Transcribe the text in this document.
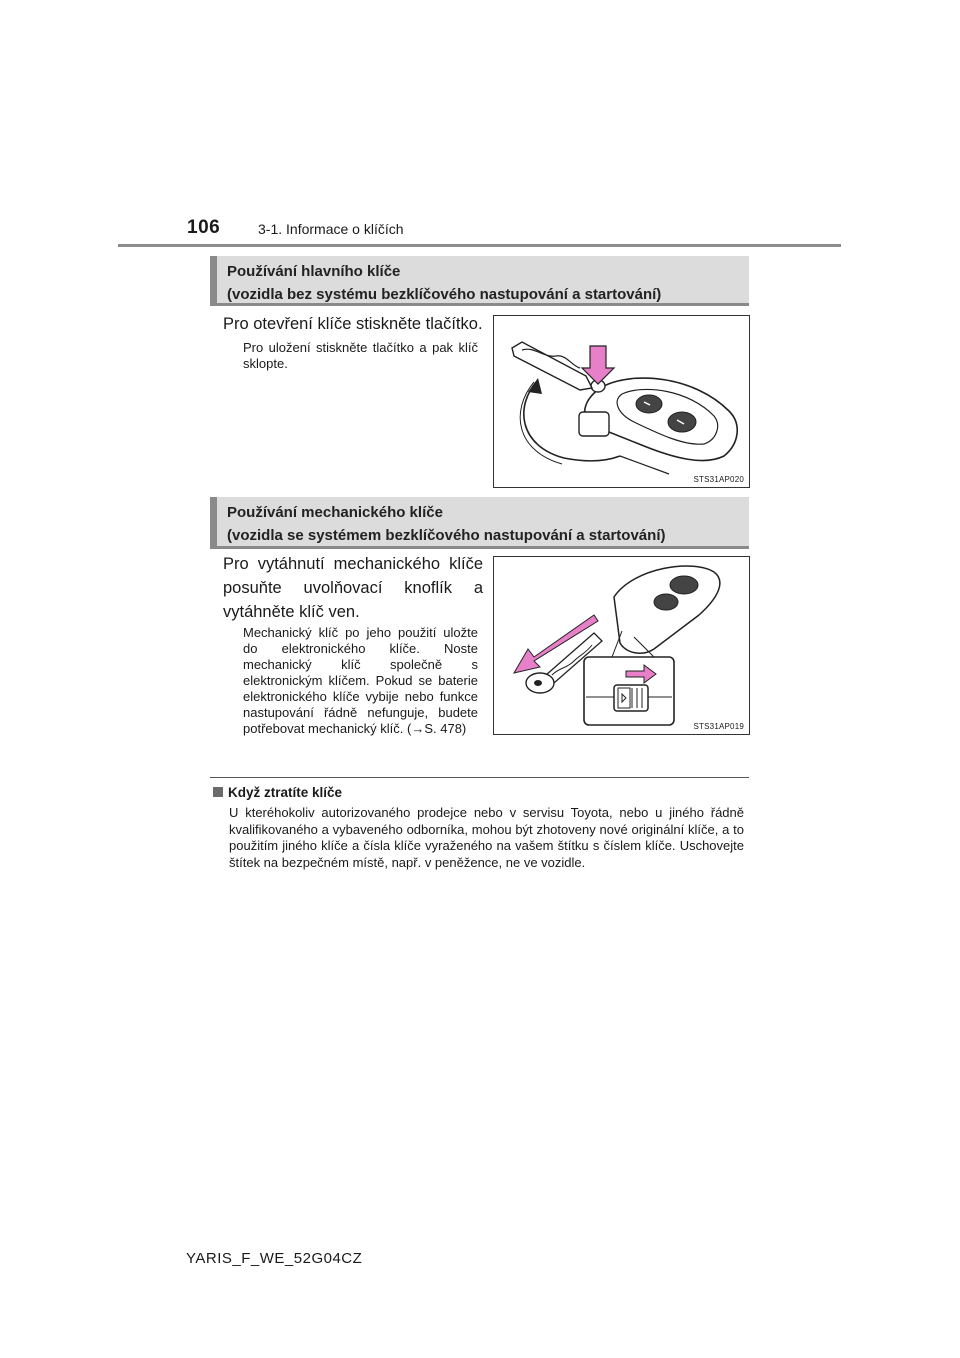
106	3-1. Informace o klíčích
Používání hlavního klíče
(vozidla bez systému bezklíčového nastupování a startování)
Pro otevření klíče stiskněte tlačítko.
Pro uložení stiskněte tlačítko a pak klíč sklopte.
STS31AP020
Používání mechanického klíče
(vozidla se systémem bezklíčového nastupování a startování)
Pro vytáhnutí mechanického klíče posuňte uvolňovací knoflík a vytáhněte klíč ven.
Mechanický klíč po jeho použití uložte do elektronického klíče. Noste mechanický klíč společně s elektronickým klíčem. Pokud se baterie elektronického klíče vybije nebo funkce nastupování řádně nefunguje, budete potřebovat mechanický klíč. (→S. 478)	STS31AP019
Když ztratíte klíče
U kteréhokoliv autorizovaného prodejce nebo v servisu Toyota, nebo u jiného řádně kvalifikovaného a vybaveného odborníka, mohou být zhotoveny nové originální klíče, a to použitím jiného klíče a čísla klíče vyraženého na vašem štítku s číslem klíče. Uschovejte štítek na bezpečném místě, např. v peněžence, ne ve vozidle.
YARIS_F_WE_52G04CZ
